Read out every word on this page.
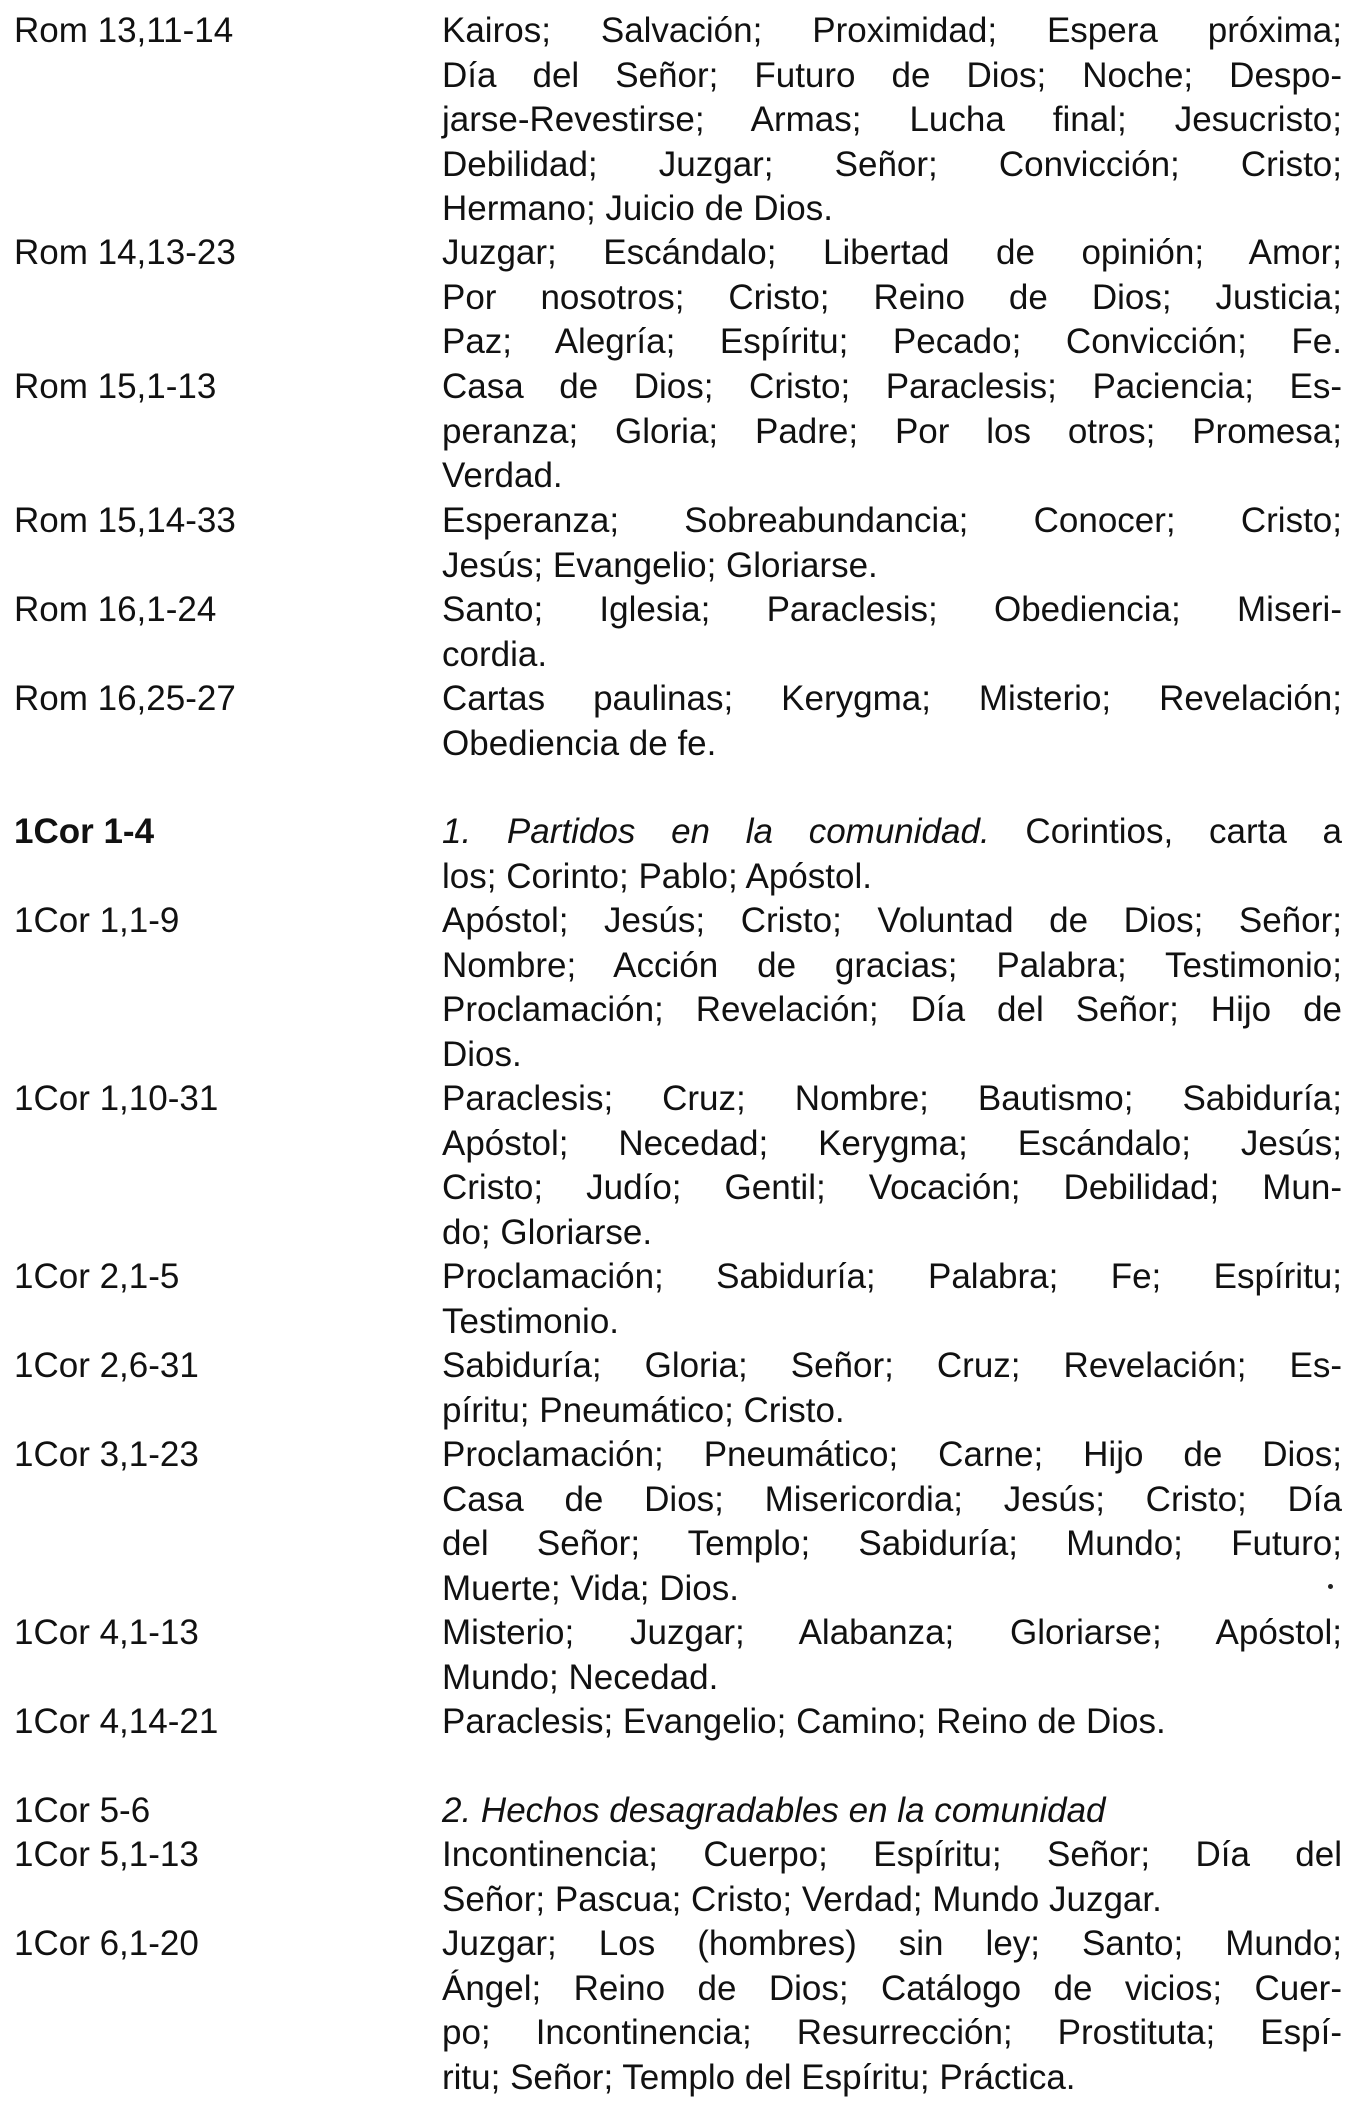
Rom 13,11-14	Kairos; Salvación; Proximidad; Espera próxima;
Día del Señor; Futuro de Dios; Noche; Despo-
jarse-Revestirse; Armas; Lucha final; Jesucristo;
Debilidad; Juzgar; Señor; Convicción; Cristo;
Hermano; Juicio de Dios.
Rom 14,13-23	Juzgar; Escándalo; Libertad de opinión; Amor;
Por nosotros; Cristo; Reino de Dios; Justicia;
Paz; Alegría; Espíritu; Pecado; Convicción; Fe.
Rom 15,1-13	Casa de Dios; Cristo; Paraclesis; Paciencia; Es-
peranza; Gloria; Padre; Por los otros; Promesa;
Verdad.
Rom 15,14-33	Esperanza; Sobreabundancia; Conocer; Cristo;
Jesús; Evangelio; Gloriarse.
Rom 16,1-24	Santo; Iglesia; Paraclesis; Obediencia; Miseri-
cordia.
Rom 16,25-27	Cartas paulinas; Kerygma; Misterio; Revelación;
Obediencia de fe.
1Cor 1-4	1. Partidos en la comunidad. Corintios, carta a
los; Corinto; Pablo; Apóstol.
1Cor 1,1-9	Apóstol; Jesús; Cristo; Voluntad de Dios; Señor;
Nombre; Acción de gracias; Palabra; Testimonio;
Proclamación; Revelación; Día del Señor; Hijo de
Dios.
1Cor 1,10-31	Paraclesis; Cruz; Nombre; Bautismo; Sabiduría;
Apóstol; Necedad; Kerygma; Escándalo; Jesús;
Cristo; Judío; Gentil; Vocación; Debilidad; Mun-
do; Gloriarse.
1Cor 2,1-5	Proclamación; Sabiduría; Palabra; Fe; Espíritu;
Testimonio.
1Cor 2,6-31	Sabiduría; Gloria; Señor; Cruz; Revelación; Es-
píritu; Pneumático; Cristo.
1Cor 3,1-23	Proclamación; Pneumático; Carne; Hijo de Dios;
Casa de Dios; Misericordia; Jesús; Cristo; Día
del Señor; Templo; Sabiduría; Mundo; Futuro;
Muerte; Vida; Dios.
1Cor 4,1-13	Misterio; Juzgar; Alabanza; Gloriarse; Apóstol;
Mundo; Necedad.
1Cor 4,14-21	Paraclesis; Evangelio; Camino; Reino de Dios.
1Cor 5-6	2. Hechos desagradables en la comunidad
1Cor 5,1-13	Incontinencia; Cuerpo; Espíritu; Señor; Día del
Señor; Pascua; Cristo; Verdad; Mundo Juzgar.
1Cor 6,1-20	Juzgar; Los (hombres) sin ley; Santo; Mundo;
Ángel; Reino de Dios; Catálogo de vicios; Cuer-
po; Incontinencia; Resurrección; Prostituta; Espí-
ritu; Señor; Templo del Espíritu; Práctica.
